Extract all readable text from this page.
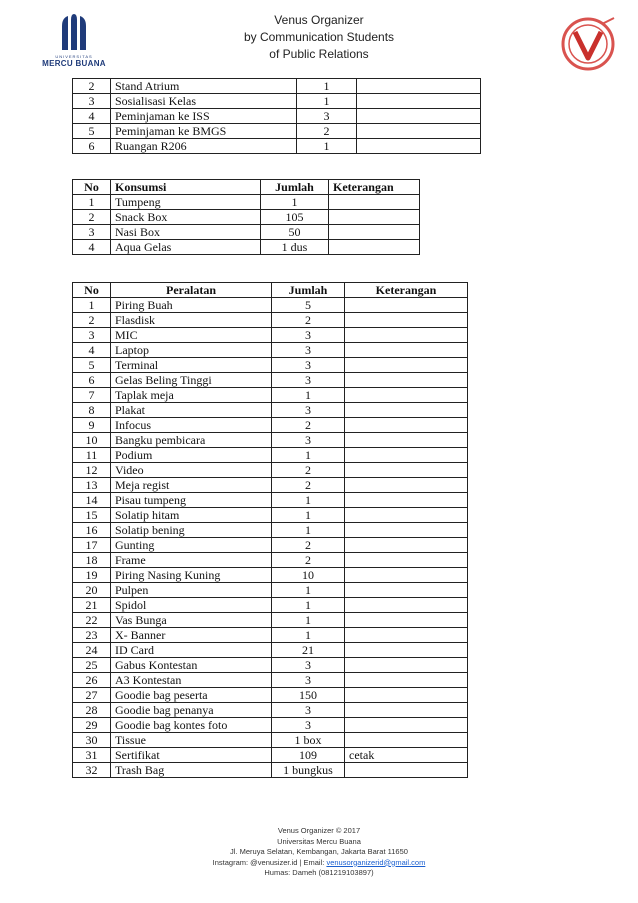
UNIVERSITAS
MERCU BUANA
Venus Organizer
by Communication Students
of Public Relations
2	Stand Atrium	1	
3	Sosialisasi Kelas	1	
4	Peminjaman ke ISS	3	
5	Peminjaman ke BMGS	2	
6	Ruangan R206	1	
No	Konsumsi	Jumlah	Keterangan
1	Tumpeng	1	
2	Snack Box	105	
3	Nasi Box	50	
4	Aqua Gelas	1 dus	
No	Peralatan	Jumlah	Keterangan
1	Piring Buah	5	
2	Flasdisk	2	
3	MIC	3	
4	Laptop	3	
5	Terminal	3	
6	Gelas Beling Tinggi	3	
7	Taplak meja	1	
8	Plakat	3	
9	Infocus	2	
10	Bangku pembicara	3	
11	Podium	1	
12	Video	2	
13	Meja regist	2	
14	Pisau tumpeng	1	
15	Solatip hitam	1	
16	Solatip bening	1	
17	Gunting	2	
18	Frame	2	
19	Piring Nasing Kuning	10	
20	Pulpen	1	
21	Spidol	1	
22	Vas Bunga	1	
23	X- Banner	1	
24	ID Card	21	
25	Gabus Kontestan	3	
26	A3 Kontestan	3	
27	Goodie bag peserta	150	
28	Goodie bag penanya	3	
29	Goodie bag kontes foto	3	
30	Tissue	1 box	
31	Sertifikat	109	cetak
32	Trash Bag	1 bungkus	
Venus Organizer © 2017
Universitas Mercu Buana
Jl. Meruya Selatan, Kembangan, Jakarta Barat 11650
Instagram: @venusizer.id | Email: venusorganizerid@gmail.com
Humas: Dameh (081219103897)
